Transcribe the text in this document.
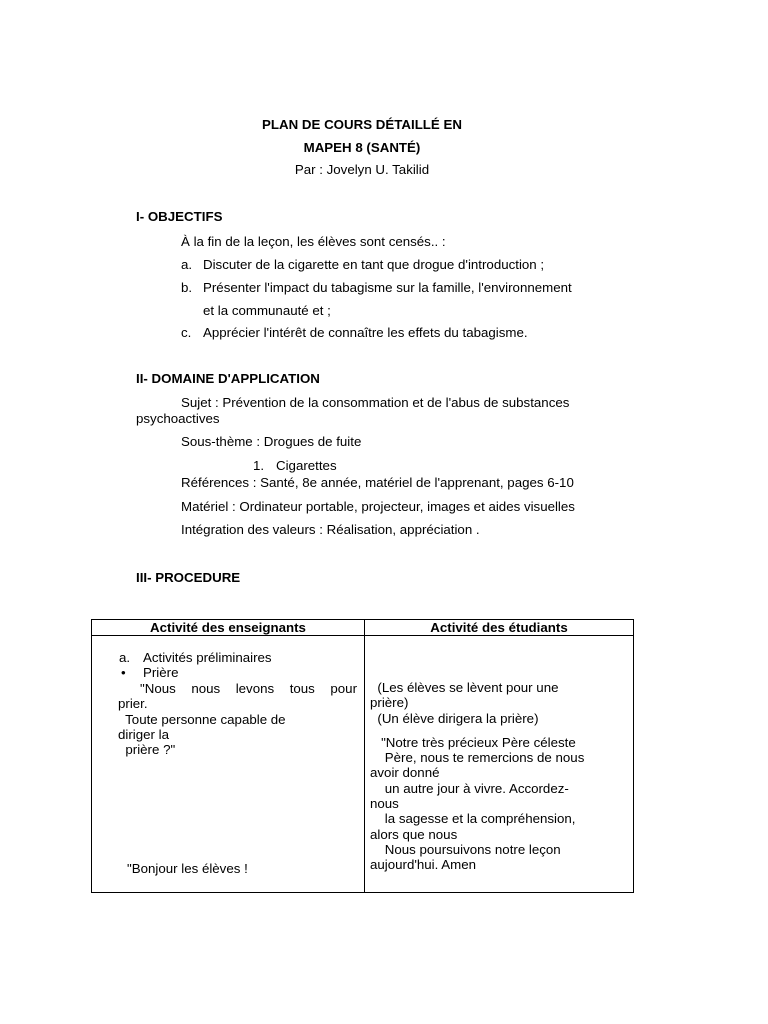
PLAN DE COURS DÉTAILLÉ EN
MAPEH 8 (SANTÉ)
Par : Jovelyn U. Takilid
I- OBJECTIFS
À la fin de la leçon, les élèves sont censés.. :
a. Discuter de la cigarette en tant que drogue d'introduction ;
b. Présenter l'impact du tabagisme sur la famille, l'environnement
et la communauté et ;
c. Apprécier l'intérêt de connaître les effets du tabagisme.
II- DOMAINE D'APPLICATION
Sujet : Prévention de la consommation et de l'abus de substances
psychoactives
Sous-thème : Drogues de fuite
1. Cigarettes
Références : Santé, 8e année, matériel de l'apprenant, pages 6-10
Matériel : Ordinateur portable, projecteur, images et aides visuelles
Intégration des valeurs : Réalisation, appréciation .
III- PROCEDURE
Activité des enseignants	Activité des étudiants
a. Activités préliminaires
• Prière

"Nous nous levons tous pour

prier.

Toute personne capable de

diriger la

prière ?"

"Bonjour les élèves !

(Les élèves se lèvent pour une

prière)

(Un élève dirigera la prière)

"Notre très précieux Père céleste

Père, nous te remercions de nous

avoir donné

un autre jour à vivre. Accordez-

nous

la sagesse et la compréhension,

alors que nous

Nous poursuivons notre leçon

aujourd'hui. Amen
